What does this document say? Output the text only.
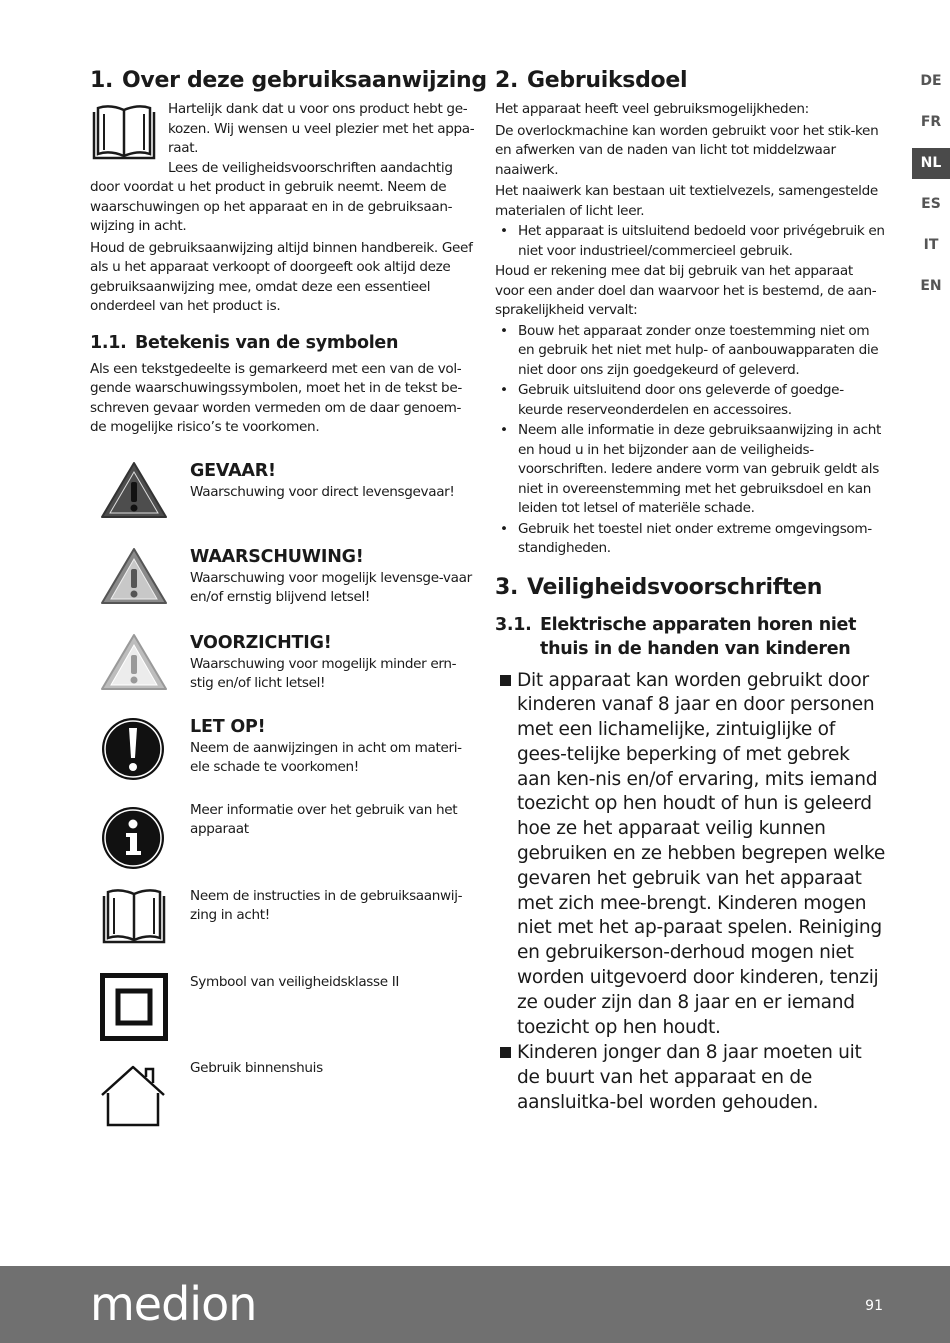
1. Over deze gebruiksaanwijzing

Hartelijk dank dat u voor ons product hebt ge-

kozen. Wij wensen u veel plezier met het appa-

raat.

Lees de veiligheidsvoorschriften aandachtig

door voordat u het product in gebruik neemt. Neem de waarschuwingen op het apparaat en in de gebruiksaan-wijzing in acht.

Houd de gebruiksaanwijzing altijd binnen handbereik. Geef als u het apparaat verkoopt of doorgeeft ook altijd deze gebruiksaanwijzing mee, omdat deze een essentieel onderdeel van het product is.

1.1. Betekenis van de symbolen

Als een tekstgedeelte is gemarkeerd met een van de vol-gende waarschuwingssymbolen, moet het in de tekst be-schreven gevaar worden vermeden om de daar genoem-de mogelijke risico’s te voorkomen.

GEVAAR!

Waarschuwing voor direct levensgevaar!

WAARSCHUWING!

Waarschuwing voor mogelijk levensge-vaar en/of ernstig blijvend letsel!

VOORZICHTIG!

Waarschuwing voor mogelijk minder ern-stig en/of licht letsel!

LET OP!

Neem de aanwijzingen in acht om materi-ele schade te voorkomen!

Meer informatie over het gebruik van het apparaat

Neem de instructies in de gebruiksaanwij-zing in acht!

Symbool van veiligheidsklasse II

Gebruik binnenshuis

2. Gebruiksdoel

Het apparaat heeft veel gebruiksmogelijkheden:

De overlockmachine kan worden gebruikt voor het stik-ken en afwerken van de naden van licht tot middelzwaar naaiwerk.

Het naaiwerk kan bestaan uit textielvezels, samengestelde materialen of licht leer.

• Het apparaat is uitsluitend bedoeld voor privégebruik en niet voor industrieel/commercieel gebruik.

Houd er rekening mee dat bij gebruik van het apparaat voor een ander doel dan waarvoor het is bestemd, de aan-sprakelijkheid vervalt:

• Bouw het apparaat zonder onze toestemming niet om en gebruik het niet met hulp- of aanbouwapparaten die niet door ons zijn goedgekeurd of geleverd.
• Gebruik uitsluitend door ons geleverde of goedge-keurde reserveonderdelen en accessoires.
• Neem alle informatie in deze gebruiksaanwijzing in acht en houd u in het bijzonder aan de veiligheids-voorschriften. Iedere andere vorm van gebruik geldt als niet in overeenstemming met het gebruiksdoel en kan leiden tot letsel of materiële schade.
• Gebruik het toestel niet onder extreme omgevingsom-standigheden.
3. Veiligheidsvoorschriften
3.1. Elektrische apparaten horen niet
thuis in de handen van kinderen
Dit apparaat kan worden gebruikt door kinderen vanaf 8 jaar en door personen met een lichamelijke, zintuiglijke of gees-telijke beperking of met gebrek aan ken-nis en/of ervaring, mits iemand toezicht op hen houdt of hun is geleerd hoe ze het apparaat veilig kunnen gebruiken en ze hebben begrepen welke gevaren het gebruik van het apparaat met zich mee-brengt. Kinderen mogen niet met het ap-paraat spelen. Reiniging en gebruikerson-derhoud mogen niet worden uitgevoerd door kinderen, tenzij ze ouder zijn dan 8 jaar en er iemand toezicht op hen houdt.
Kinderen jonger dan 8 jaar moeten uit de buurt van het apparaat en de aansluitka-bel worden gehouden.
DE
FR
NL
ES
IT
EN
medion	91
